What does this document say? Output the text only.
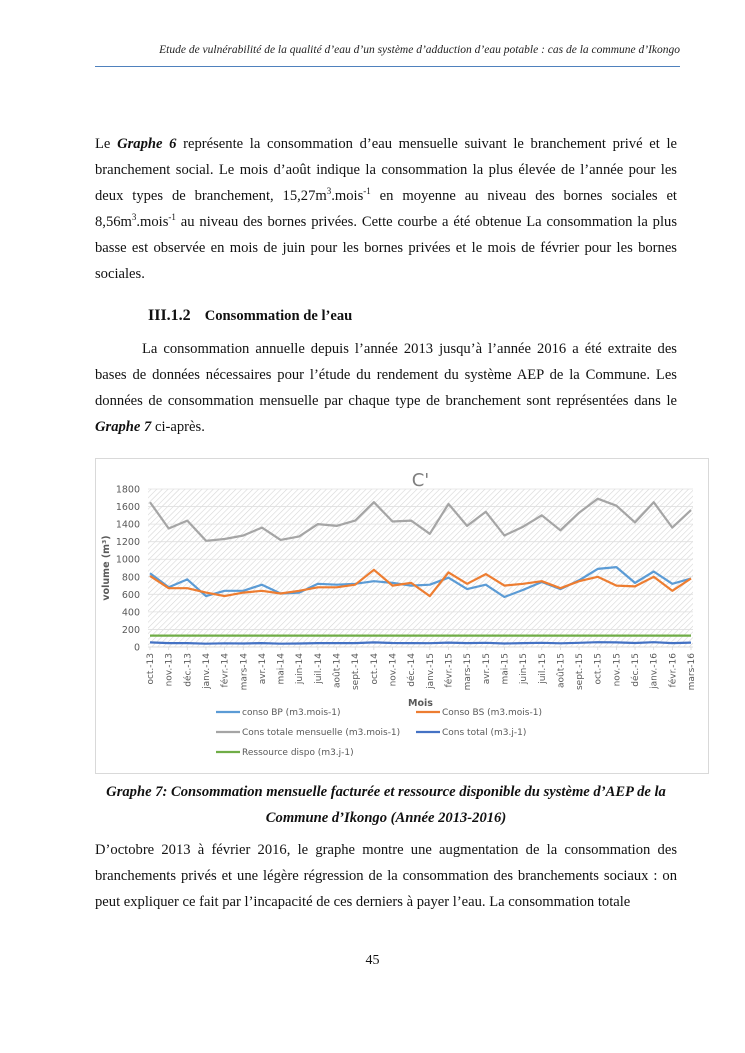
Etude de vulnérabilité de la qualité d’eau d’un système d’adduction d’eau potable : cas de la commune d’Ikongo

Le Graphe 6 représente la consommation d’eau mensuelle suivant le branchement privé et le branchement social. Le mois d’août indique la consommation la plus élevée de l’année pour les deux types de branchement, $15,27m^3.mois^{-1}$ en moyenne au niveau des bornes sociales et $8,56m^3.mois^{-1}$ au niveau des bornes privées. Cette courbe a été obtenue La consommation la plus basse est observée en mois de juin pour les bornes privées et le mois de février pour les bornes sociales.

III.1.2 Consommation de l’eau

La consommation annuelle depuis l’année 2013 jusqu’à l’année 2016 a été extraite des bases de données nécessaires pour l’étude du rendement du système AEP de la Commune. Les données de consommation mensuelle par chaque type de branchement sont représentées dans le Graphe 7 ci-après.

C'
0
200
400
600
800
1000
1200
1400
1600
1800
volume (m³)
oct.-13 nov.-13 déc.-13 janv.-14 févr.-14 mars-14 avr.-14 mai-14 juin-14 juil.-14 août-14 sept.-14 oct.-14 nov.-14 déc.-14 janv.-15 févr.-15 mars-15 avr.-15 mai-15 juin-15 juil.-15 août-15 sept.-15 oct.-15 nov.-15 déc.-15 janv.-16 févr.-16 mars-16
Mois
conso BP (m3.mois-1)	Conso BS (m3.mois-1)
Cons totale mensuelle (m3.mois-1)	Cons total (m3.j-1)
Ressource dispo (m3.j-1)
Graphe 7: Consommation mensuelle facturée et ressource disponible du système d’AEP de la
Commune d’Ikongo (Année 2013-2016)

D’octobre 2013 à février 2016, le graphe montre une augmentation de la consommation des branchements privés et une légère régression de la consommation des branchements sociaux : on peut expliquer ce fait par l’incapacité de ces derniers à payer l’eau. La consommation totale

45
